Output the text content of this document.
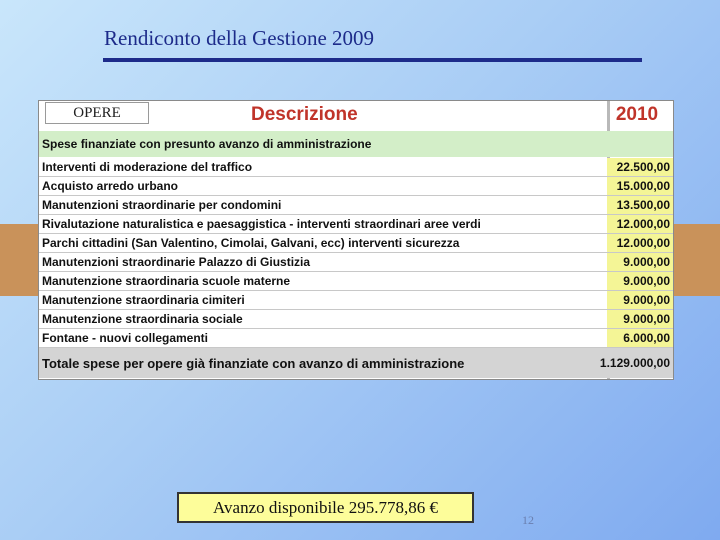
Rendiconto della Gestione 2009
OPERE	Descrizione	2010
Spese finanziate con presunto avanzo di amministrazione
Interventi di moderazione del traffico	22.500,00
Acquisto arredo urbano	15.000,00
Manutenzioni straordinarie per condomini	13.500,00
Rivalutazione naturalistica e paesaggistica - interventi straordinari aree verdi	12.000,00
Parchi cittadini (San Valentino, Cimolai, Galvani, ecc) interventi sicurezza	12.000,00
Manutenzioni straordinarie Palazzo di Giustizia	9.000,00
Manutenzione straordinaria scuole materne	9.000,00
Manutenzione straordinaria cimiteri	9.000,00
Manutenzione straordinaria sociale	9.000,00
Fontane - nuovi collegamenti	6.000,00
Totale spese per opere già finanziate con avanzo di amministrazione	1.129.000,00
Avanzo disponibile 295.778,86 €
12
